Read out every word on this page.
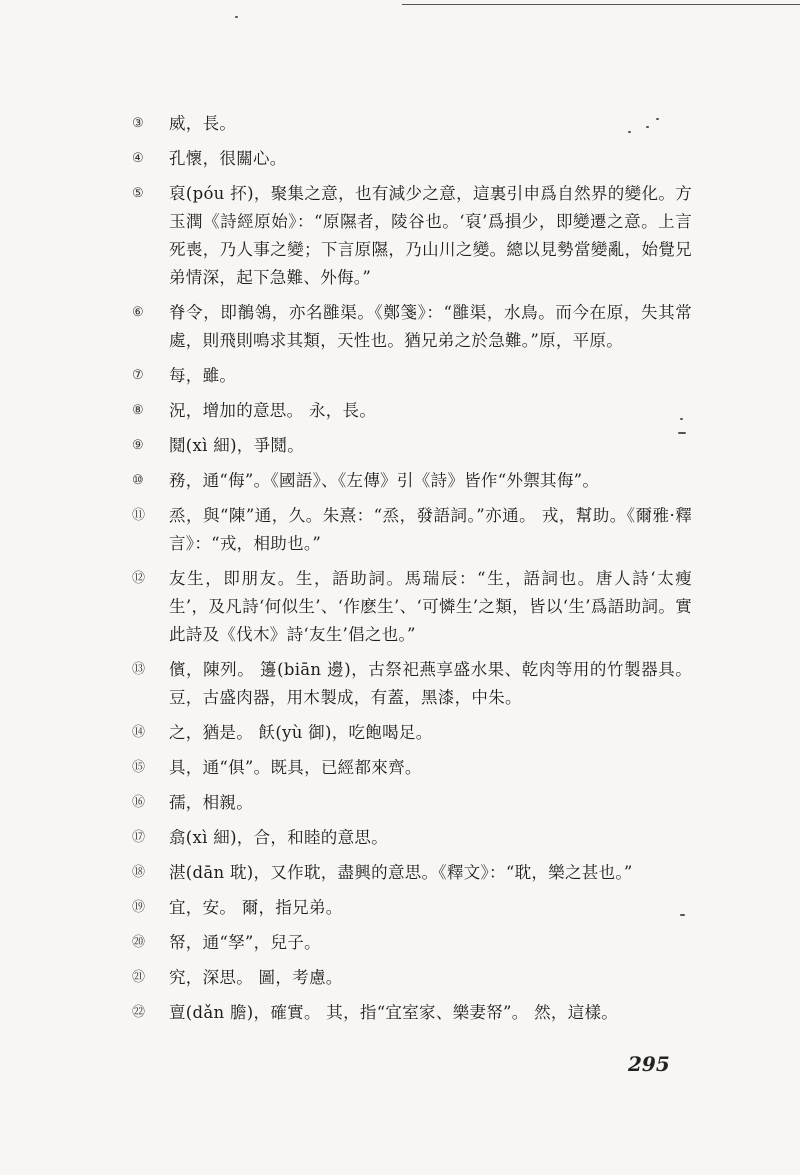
③	威，長。
④	孔懷，很關心。
⑤	裒(póu 抔)，聚集之意，也有減少之意，這裏引申爲自然界的變化。方玉潤《詩經原始》：“原隰者，陵谷也。‘裒’爲損少，即變遷之意。上言死喪，乃人事之變；下言原隰，乃山川之變。總以見勢當變亂，始覺兄弟情深，起下急難、外侮。”
⑥	脊令，即鶺鴒，亦名雝渠。《鄭箋》：“雝渠，水鳥。而今在原，失其常處，則飛則鳴求其類，天性也。猶兄弟之於急難。”原，平原。
⑦	每，雖。
⑧	況，增加的意思。 永，長。
⑨	鬩(xì 細)，爭鬩。
⑩	務，通“侮”。《國語》、《左傳》引《詩》皆作“外禦其侮”。
⑪	烝，與“陳”通，久。朱熹：“烝，發語詞。”亦通。 戎，幫助。《爾雅·釋言》：“戎，相助也。”
⑫	友生，即朋友。生，語助詞。馬瑞辰：“生，語詞也。唐人詩‘太瘦生’，及凡詩‘何似生’、‘作麽生’、‘可憐生’之類，皆以‘生’爲語助詞。實此詩及《伐木》詩‘友生’倡之也。”
⑬	儐，陳列。 籩(biān 邊)，古祭祀燕享盛水果、乾肉等用的竹製器具。豆，古盛肉器，用木製成，有蓋，黑漆，中朱。
⑭	之，猶是。 飫(yù 御)，吃飽喝足。
⑮	具，通“俱”。既具，已經都來齊。
⑯	孺，相親。
⑰	翕(xì 細)，合，和睦的意思。
⑱	湛(dān 耽)，又作耽，盡興的意思。《釋文》：“耽，樂之甚也。”
⑲	宜，安。 爾，指兄弟。
⑳	帑，通“孥”，兒子。
㉑	究，深思。 圖，考慮。
㉒	亶(dǎn 膽)，確實。 其，指“宜室家、樂妻帑”。 然，這樣。
295
